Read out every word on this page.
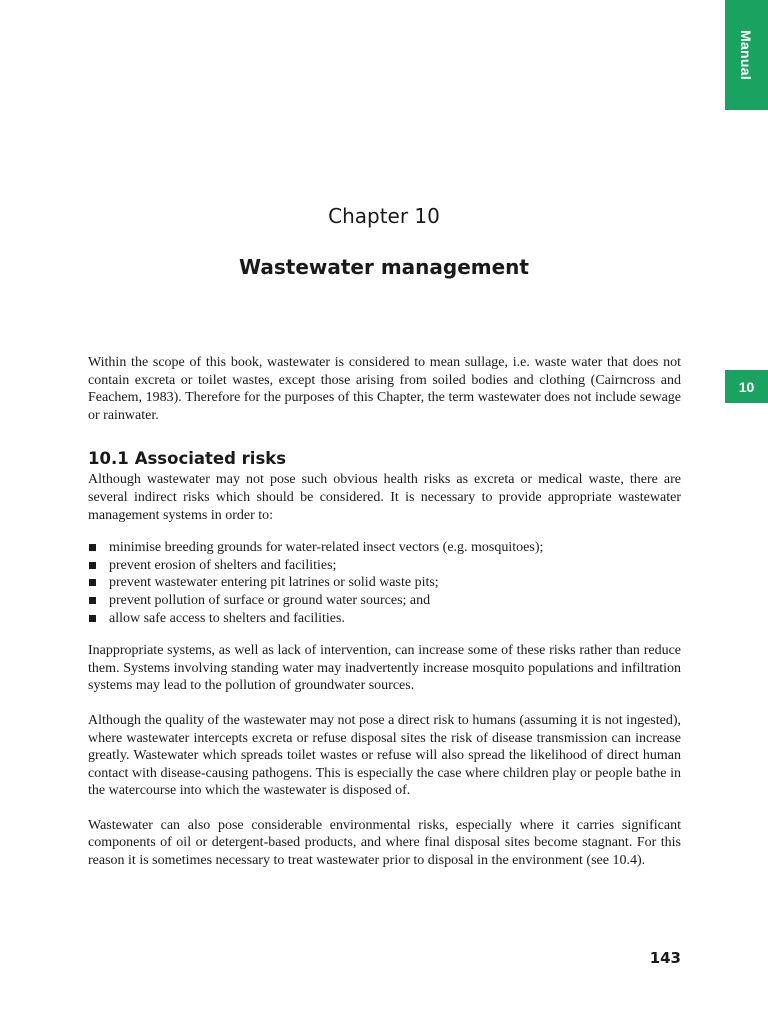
Manual
10
Chapter 10
Wastewater management

Within the scope of this book, wastewater is considered to mean sullage, i.e. waste water that does not contain excreta or toilet wastes, except those arising from soiled bodies and clothing (Cairncross and Feachem, 1983). Therefore for the purposes of this Chapter, the term wastewater does not include sewage or rainwater.

10.1 Associated risks

Although wastewater may not pose such obvious health risks as excreta or medical waste, there are several indirect risks which should be considered. It is necessary to provide appropriate wastewater management systems in order to:

minimise breeding grounds for water-related insect vectors (e.g. mosquitoes);
prevent erosion of shelters and facilities;
prevent wastewater entering pit latrines or solid waste pits;
prevent pollution of surface or ground water sources; and
allow safe access to shelters and facilities.

Inappropriate systems, as well as lack of intervention, can increase some of these risks rather than reduce them. Systems involving standing water may inadvertently increase mosquito populations and infiltration systems may lead to the pollution of groundwater sources.

Although the quality of the wastewater may not pose a direct risk to humans (assuming it is not ingested), where wastewater intercepts excreta or refuse disposal sites the risk of disease transmission can increase greatly. Wastewater which spreads toilet wastes or refuse will also spread the likelihood of direct human contact with disease-causing pathogens. This is especially the case where children play or people bathe in the watercourse into which the wastewater is disposed of.

Wastewater can also pose considerable environmental risks, especially where it carries significant components of oil or detergent-based products, and where final disposal sites become stagnant. For this reason it is sometimes necessary to treat wastewater prior to disposal in the environment (see 10.4).

143
